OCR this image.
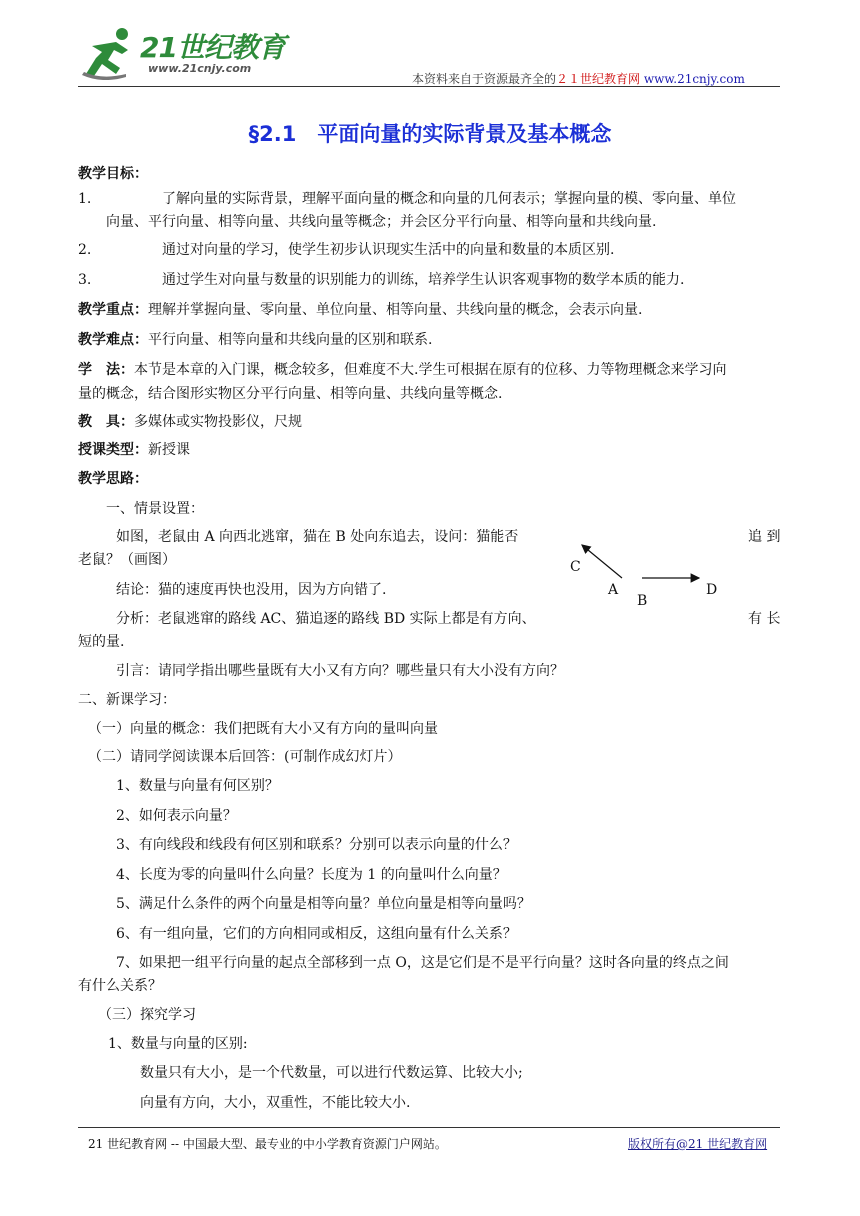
21世纪教育
www.21cnjy.com
本资料来自于资源最齐全的２１世纪教育网 www.21cnjy.com
§2.1　平面向量的实际背景及基本概念
教学目标：
1.	了解向量的实际背景，理解平面向量的概念和向量的几何表示；掌握向量的模、零向量、单位
向量、平行向量、相等向量、共线向量等概念；并会区分平行向量、相等向量和共线向量.
2.	通过对向量的学习，使学生初步认识现实生活中的向量和数量的本质区别.
3.	通过学生对向量与数量的识别能力的训练，培养学生认识客观事物的数学本质的能力.
教学重点：理解并掌握向量、零向量、单位向量、相等向量、共线向量的概念，会表示向量.
教学难点：平行向量、相等向量和共线向量的区别和联系.
学　法：本节是本章的入门课，概念较多，但难度不大.学生可根据在原有的位移、力等物理概念来学习向
量的概念，结合图形实物区分平行向量、相等向量、共线向量等概念.
教　具：多媒体或实物投影仪，尺规
授课类型：新授课
教学思路：
一、情景设置：
如图，老鼠由 A 向西北逃窜，猫在 B 处向东追去，设问：猫能否	追 到
老鼠？（画图）
结论：猫的速度再快也没用，因为方向错了.
分析：老鼠逃窜的路线 AC、猫追逐的路线 BD 实际上都是有方向、	有 长
短的量.
引言：请同学指出哪些量既有大小又有方向？哪些量只有大小没有方向？
C
A
B
D
二、新课学习：
（一）向量的概念：我们把既有大小又有方向的量叫向量
（二）请同学阅读课本后回答：(可制作成幻灯片）
1、数量与向量有何区别？
2、如何表示向量？
3、有向线段和线段有何区别和联系？分别可以表示向量的什么？
4、长度为零的向量叫什么向量？长度为 1 的向量叫什么向量？
5、满足什么条件的两个向量是相等向量？单位向量是相等向量吗？
6、有一组向量，它们的方向相同或相反，这组向量有什么关系？
7、如果把一组平行向量的起点全部移到一点 O，这是它们是不是平行向量？这时各向量的终点之间
有什么关系？
（三）探究学习
1、数量与向量的区别:
数量只有大小，是一个代数量，可以进行代数运算、比较大小;
向量有方向，大小，双重性，不能比较大小.
21 世纪教育网 -- 中国最大型、最专业的中小学教育资源门户网站。	版权所有@21 世纪教育网
